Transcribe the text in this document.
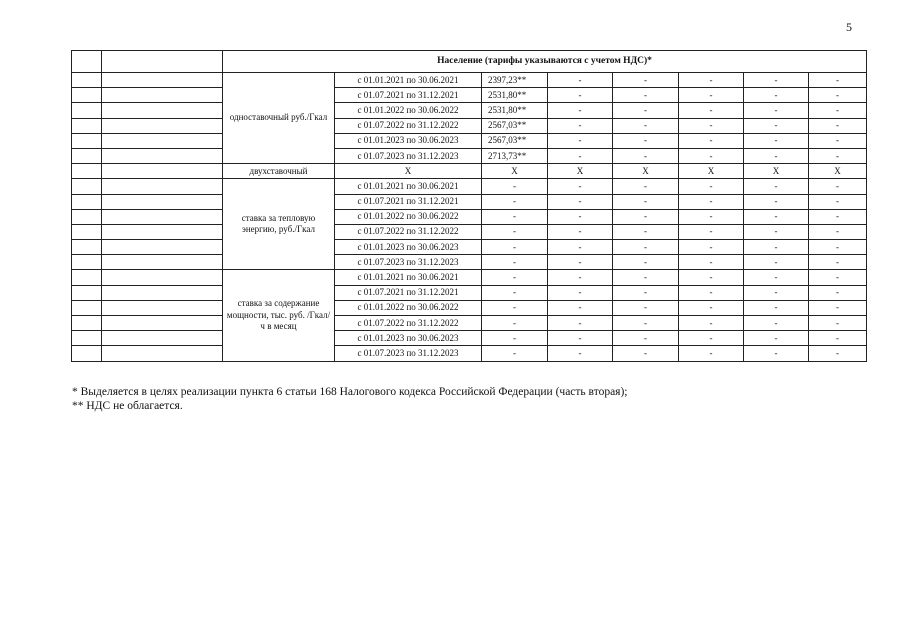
5
		Население (тарифы указываются с учетом НДС)*							
		одноставочный руб./Гкал	с 01.01.2021 по 30.06.2021	2397,23**	-	-	-	-	-
			с 01.07.2021 по 31.12.2021	2531,80**	-	-	-	-	-
			с 01.01.2022 по 30.06.2022	2531,80**	-	-	-	-	-
			с 01.07.2022 по 31.12.2022	2567,03**	-	-	-	-	-
			с 01.01.2023 по 30.06.2023	2567,03**	-	-	-	-	-
			с 01.07.2023 по 31.12.2023	2713,73**	-	-	-	-	-
		двухставочный	Х	Х	Х	Х	Х	Х	Х
		ставка за тепловую энергию, руб./Гкал	с 01.01.2021 по 30.06.2021	-	-	-	-	-	-
			с 01.07.2021 по 31.12.2021	-	-	-	-	-	-
			с 01.01.2022 по 30.06.2022	-	-	-	-	-	-
			с 01.07.2022 по 31.12.2022	-	-	-	-	-	-
			с 01.01.2023 по 30.06.2023	-	-	-	-	-	-
			с 01.07.2023 по 31.12.2023	-	-	-	-	-	-
		ставка за содержание мощности, тыс. руб. /Гкал/ч в месяц	с 01.01.2021 по 30.06.2021	-	-	-	-	-	-
			с 01.07.2021 по 31.12.2021	-	-	-	-	-	-
			с 01.01.2022 по 30.06.2022	-	-	-	-	-	-
			с 01.07.2022 по 31.12.2022	-	-	-	-	-	-
			с 01.01.2023 по 30.06.2023	-	-	-	-	-	-
			с 01.07.2023 по 31.12.2023	-	-	-	-	-	-
* Выделяется в целях реализации пункта 6 статьи 168 Налогового кодекса Российской Федерации (часть вторая);
** НДС не облагается.
